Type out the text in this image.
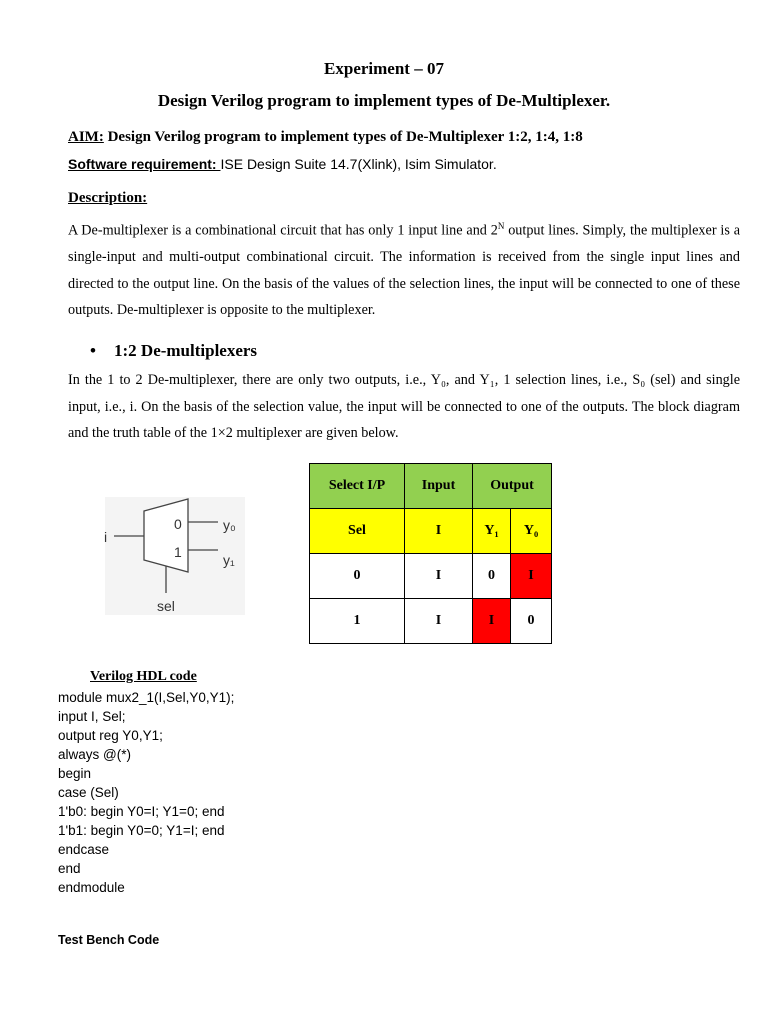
Experiment – 07
Design Verilog program to implement types of De-Multiplexer.
AIM: Design Verilog program to implement types of De-Multiplexer 1:2, 1:4, 1:8
Software requirement: ISE Design Suite 14.7(Xlink), Isim Simulator.
Description:
A De-multiplexer is a combinational circuit that has only 1 input line and $2^N$ output lines. Simply, the multiplexer is a single-input and multi-output combinational circuit. The information is received from the single input lines and directed to the output line. On the basis of the values of the selection lines, the input will be connected to one of these outputs. De-multiplexer is opposite to the multiplexer.
• 1:2 De-multiplexers
In the 1 to 2 De-multiplexer, there are only two outputs, i.e., Y₀, and Y₁, 1 selection lines, i.e., S₀ (sel) and single input, i.e., i. On the basis of the selection value, the input will be connected to one of the outputs. The block diagram and the truth table of the 1×2 multiplexer are given below.
i
0
1
y₀
y₁
sel
Select I/P	Input	Output	
Sel	I	Y₁	Y₀
0	I	0	I
1	I	I	0
Verilog HDL code
module mux2_1(I,Sel,Y0,Y1);
input I, Sel;
output reg Y0,Y1;
always @(*)
begin
case (Sel)
1'b0: begin Y0=I; Y1=0; end
1'b1: begin Y0=0; Y1=I; end
endcase
end
endmodule
Test Bench Code
